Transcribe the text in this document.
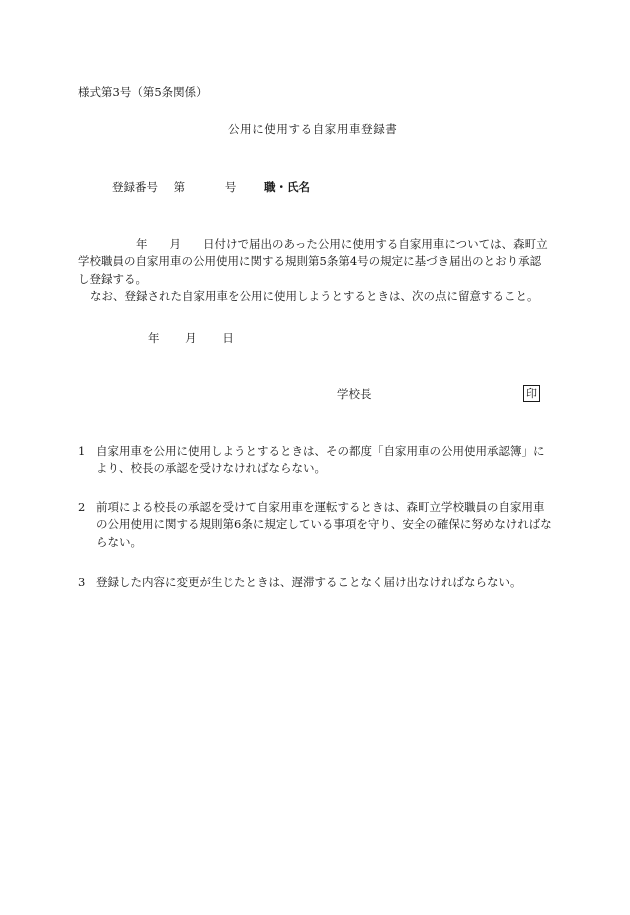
様式第3号（第5条関係）
公用に使用する自家用車登録書
登録番号 第	号 職・氏名

年 月 日付けで届出のあった公用に使用する自家用車については、森町立学校職員の自家用車の公用使用に関する規則第5条第4号の規定に基づき届出のとおり承認し登録する。

なお、登録された自家用車を公用に使用しようとするときは、次の点に留意すること。

年 月 日
学校長	印
1 自家用車を公用に使用しようとするときは、その都度「自家用車の公用使用承認簿」により、校長の承認を受けなければならない。

2 前項による校長の承認を受けて自家用車を運転するときは、森町立学校職員の自家用車の公用使用に関する規則第6条に規定している事項を守り、安全の確保に努めなければならない。

3 登録した内容に変更が生じたときは、遅滞することなく届け出なければならない。
